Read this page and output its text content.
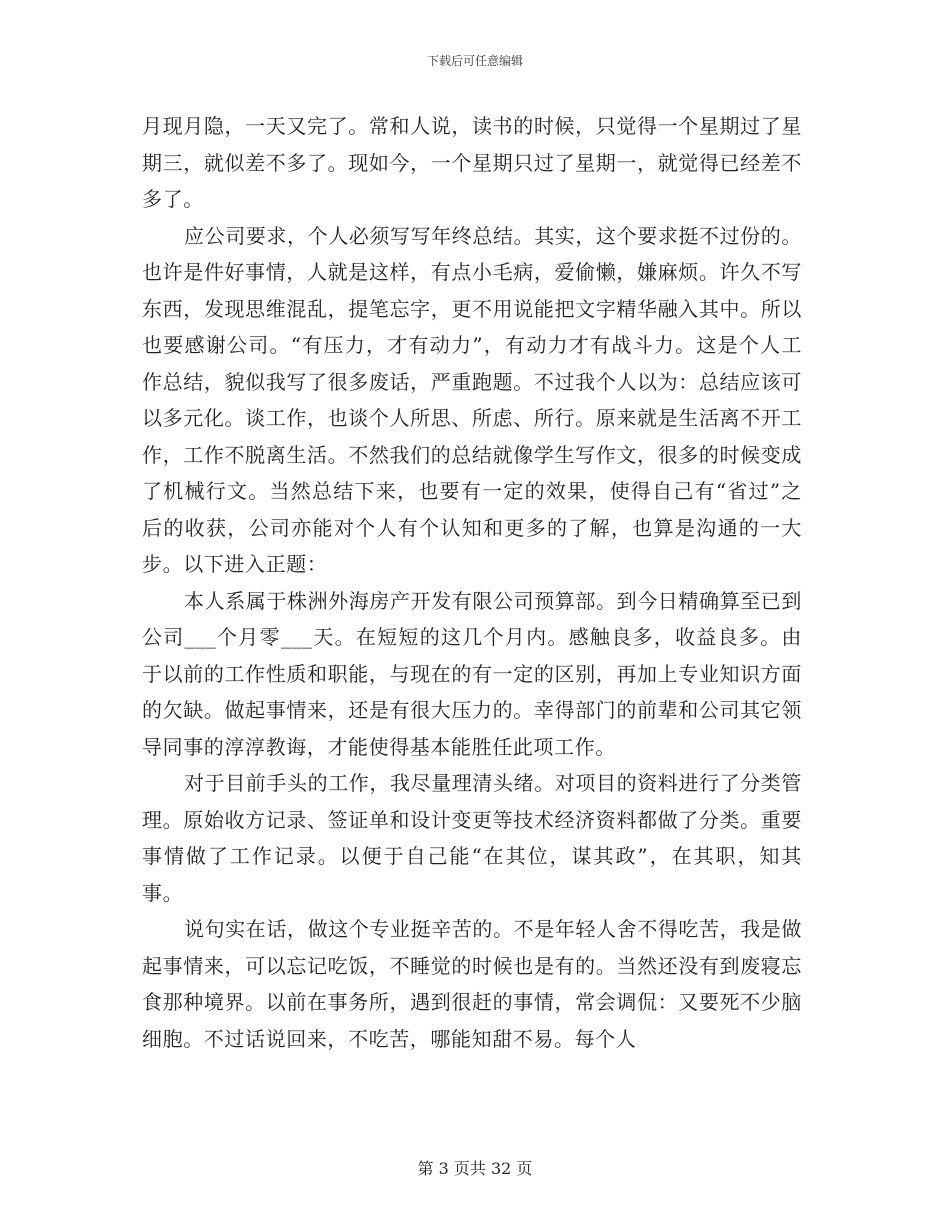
下载后可任意编辑

月现月隐，一天又完了。常和人说，读书的时候，只觉得一个星期过了星期三，就似差不多了。现如今，一个星期只过了星期一，就觉得已经差不多了。

应公司要求，个人必须写写年终总结。其实，这个要求挺不过份的。也许是件好事情，人就是这样，有点小毛病，爱偷懒，嫌麻烦。许久不写东西，发现思维混乱，提笔忘字，更不用说能把文字精华融入其中。所以也要感谢公司。“有压力，才有动力”，有动力才有战斗力。这是个人工作总结，貌似我写了很多废话，严重跑题。不过我个人以为：总结应该可以多元化。谈工作，也谈个人所思、所虑、所行。原来就是生活离不开工作，工作不脱离生活。不然我们的总结就像学生写作文，很多的时候变成了机械行文。当然总结下来，也要有一定的效果，使得自己有“省过”之后的收获，公司亦能对个人有个认知和更多的了解，也算是沟通的一大步。以下进入正题：

本人系属于株洲外海房产开发有限公司预算部。到今日精确算至已到公司___个月零___天。在短短的这几个月内。感触良多，收益良多。由于以前的工作性质和职能，与现在的有一定的区别，再加上专业知识方面的欠缺。做起事情来，还是有很大压力的。幸得部门的前辈和公司其它领导同事的淳淳教诲，才能使得基本能胜任此项工作。

对于目前手头的工作，我尽量理清头绪。对项目的资料进行了分类管理。原始收方记录、签证单和设计变更等技术经济资料都做了分类。重要事情做了工作记录。以便于自己能“在其位，谋其政”，在其职，知其事。

说句实在话，做这个专业挺辛苦的。不是年轻人舍不得吃苦，我是做起事情来，可以忘记吃饭，不睡觉的时候也是有的。当然还没有到废寝忘食那种境界。以前在事务所，遇到很赶的事情，常会调侃：又要死不少脑细胞。不过话说回来，不吃苦，哪能知甜不易。每个人

第 3 页共 32 页
